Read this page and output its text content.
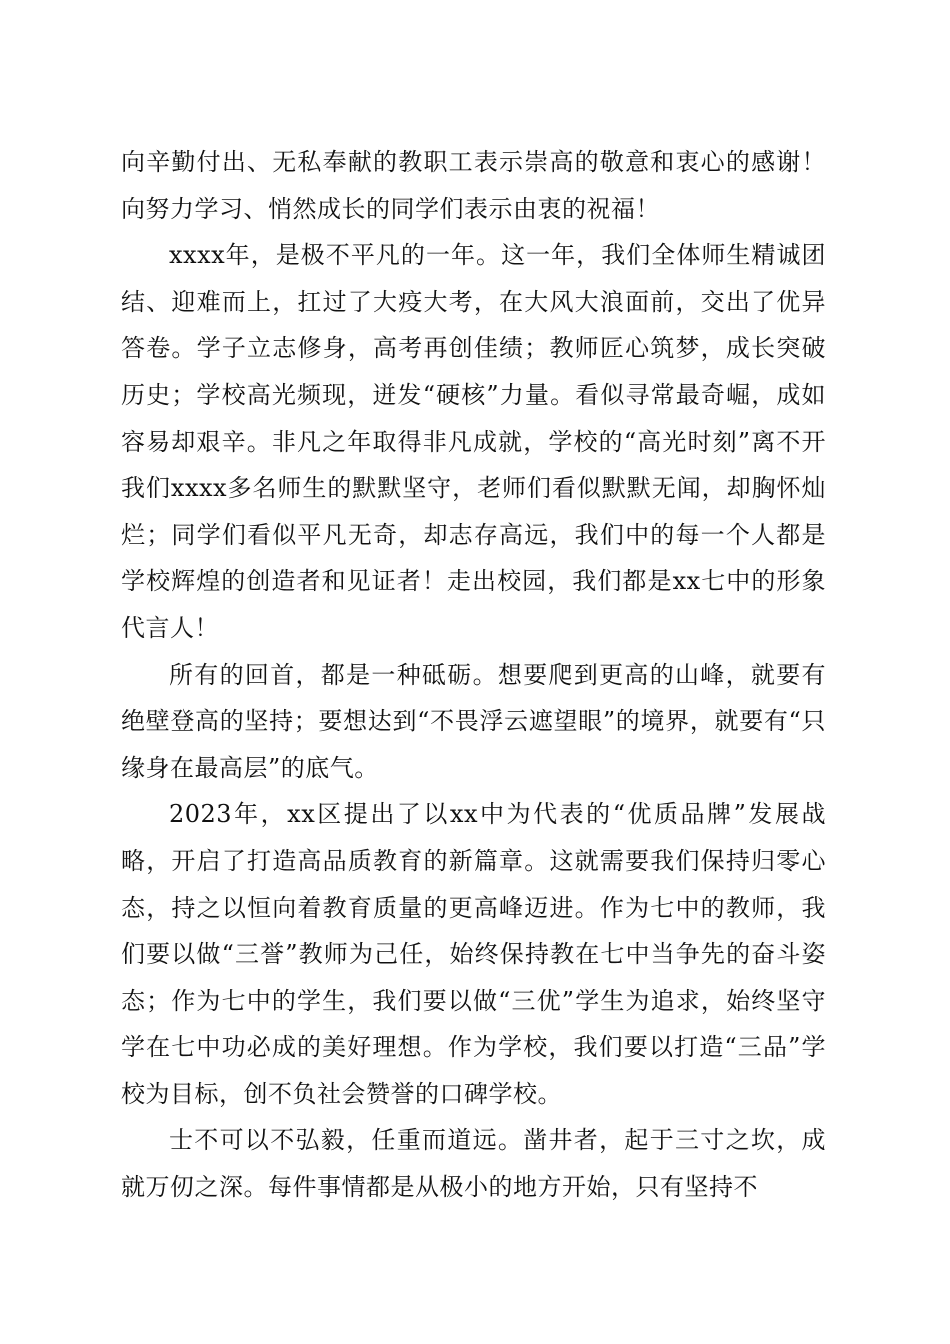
向辛勤付出、无私奉献的教职工表示崇高的敬意和衷心的感谢！向努力学习、悄然成长的同学们表示由衷的祝福！

xxxx年，是极不平凡的一年。这一年，我们全体师生精诚团结、迎难而上，扛过了大疫大考，在大风大浪面前，交出了优异答卷。学子立志修身，高考再创佳绩；教师匠心筑梦，成长突破历史；学校高光频现，迸发“硬核”力量。看似寻常最奇崛，成如容易却艰辛。非凡之年取得非凡成就，学校的“高光时刻”离不开我们xxxx多名师生的默默坚守，老师们看似默默无闻，却胸怀灿烂；同学们看似平凡无奇，却志存高远，我们中的每一个人都是学校辉煌的创造者和见证者！走出校园，我们都是xx七中的形象代言人！

所有的回首，都是一种砥砺。想要爬到更高的山峰，就要有绝壁登高的坚持；要想达到“不畏浮云遮望眼”的境界，就要有“只缘身在最高层”的底气。

2023年，xx区提出了以xx中为代表的“优质品牌”发展战略，开启了打造高品质教育的新篇章。这就需要我们保持归零心态，持之以恒向着教育质量的更高峰迈进。作为七中的教师，我们要以做“三誉”教师为己任，始终保持教在七中当争先的奋斗姿态；作为七中的学生，我们要以做“三优”学生为追求，始终坚守学在七中功必成的美好理想。作为学校，我们要以打造“三品”学校为目标，创不负社会赞誉的口碑学校。

士不可以不弘毅，任重而道远。凿井者，起于三寸之坎，成就万仞之深。每件事情都是从极小的地方开始，只有坚持不
